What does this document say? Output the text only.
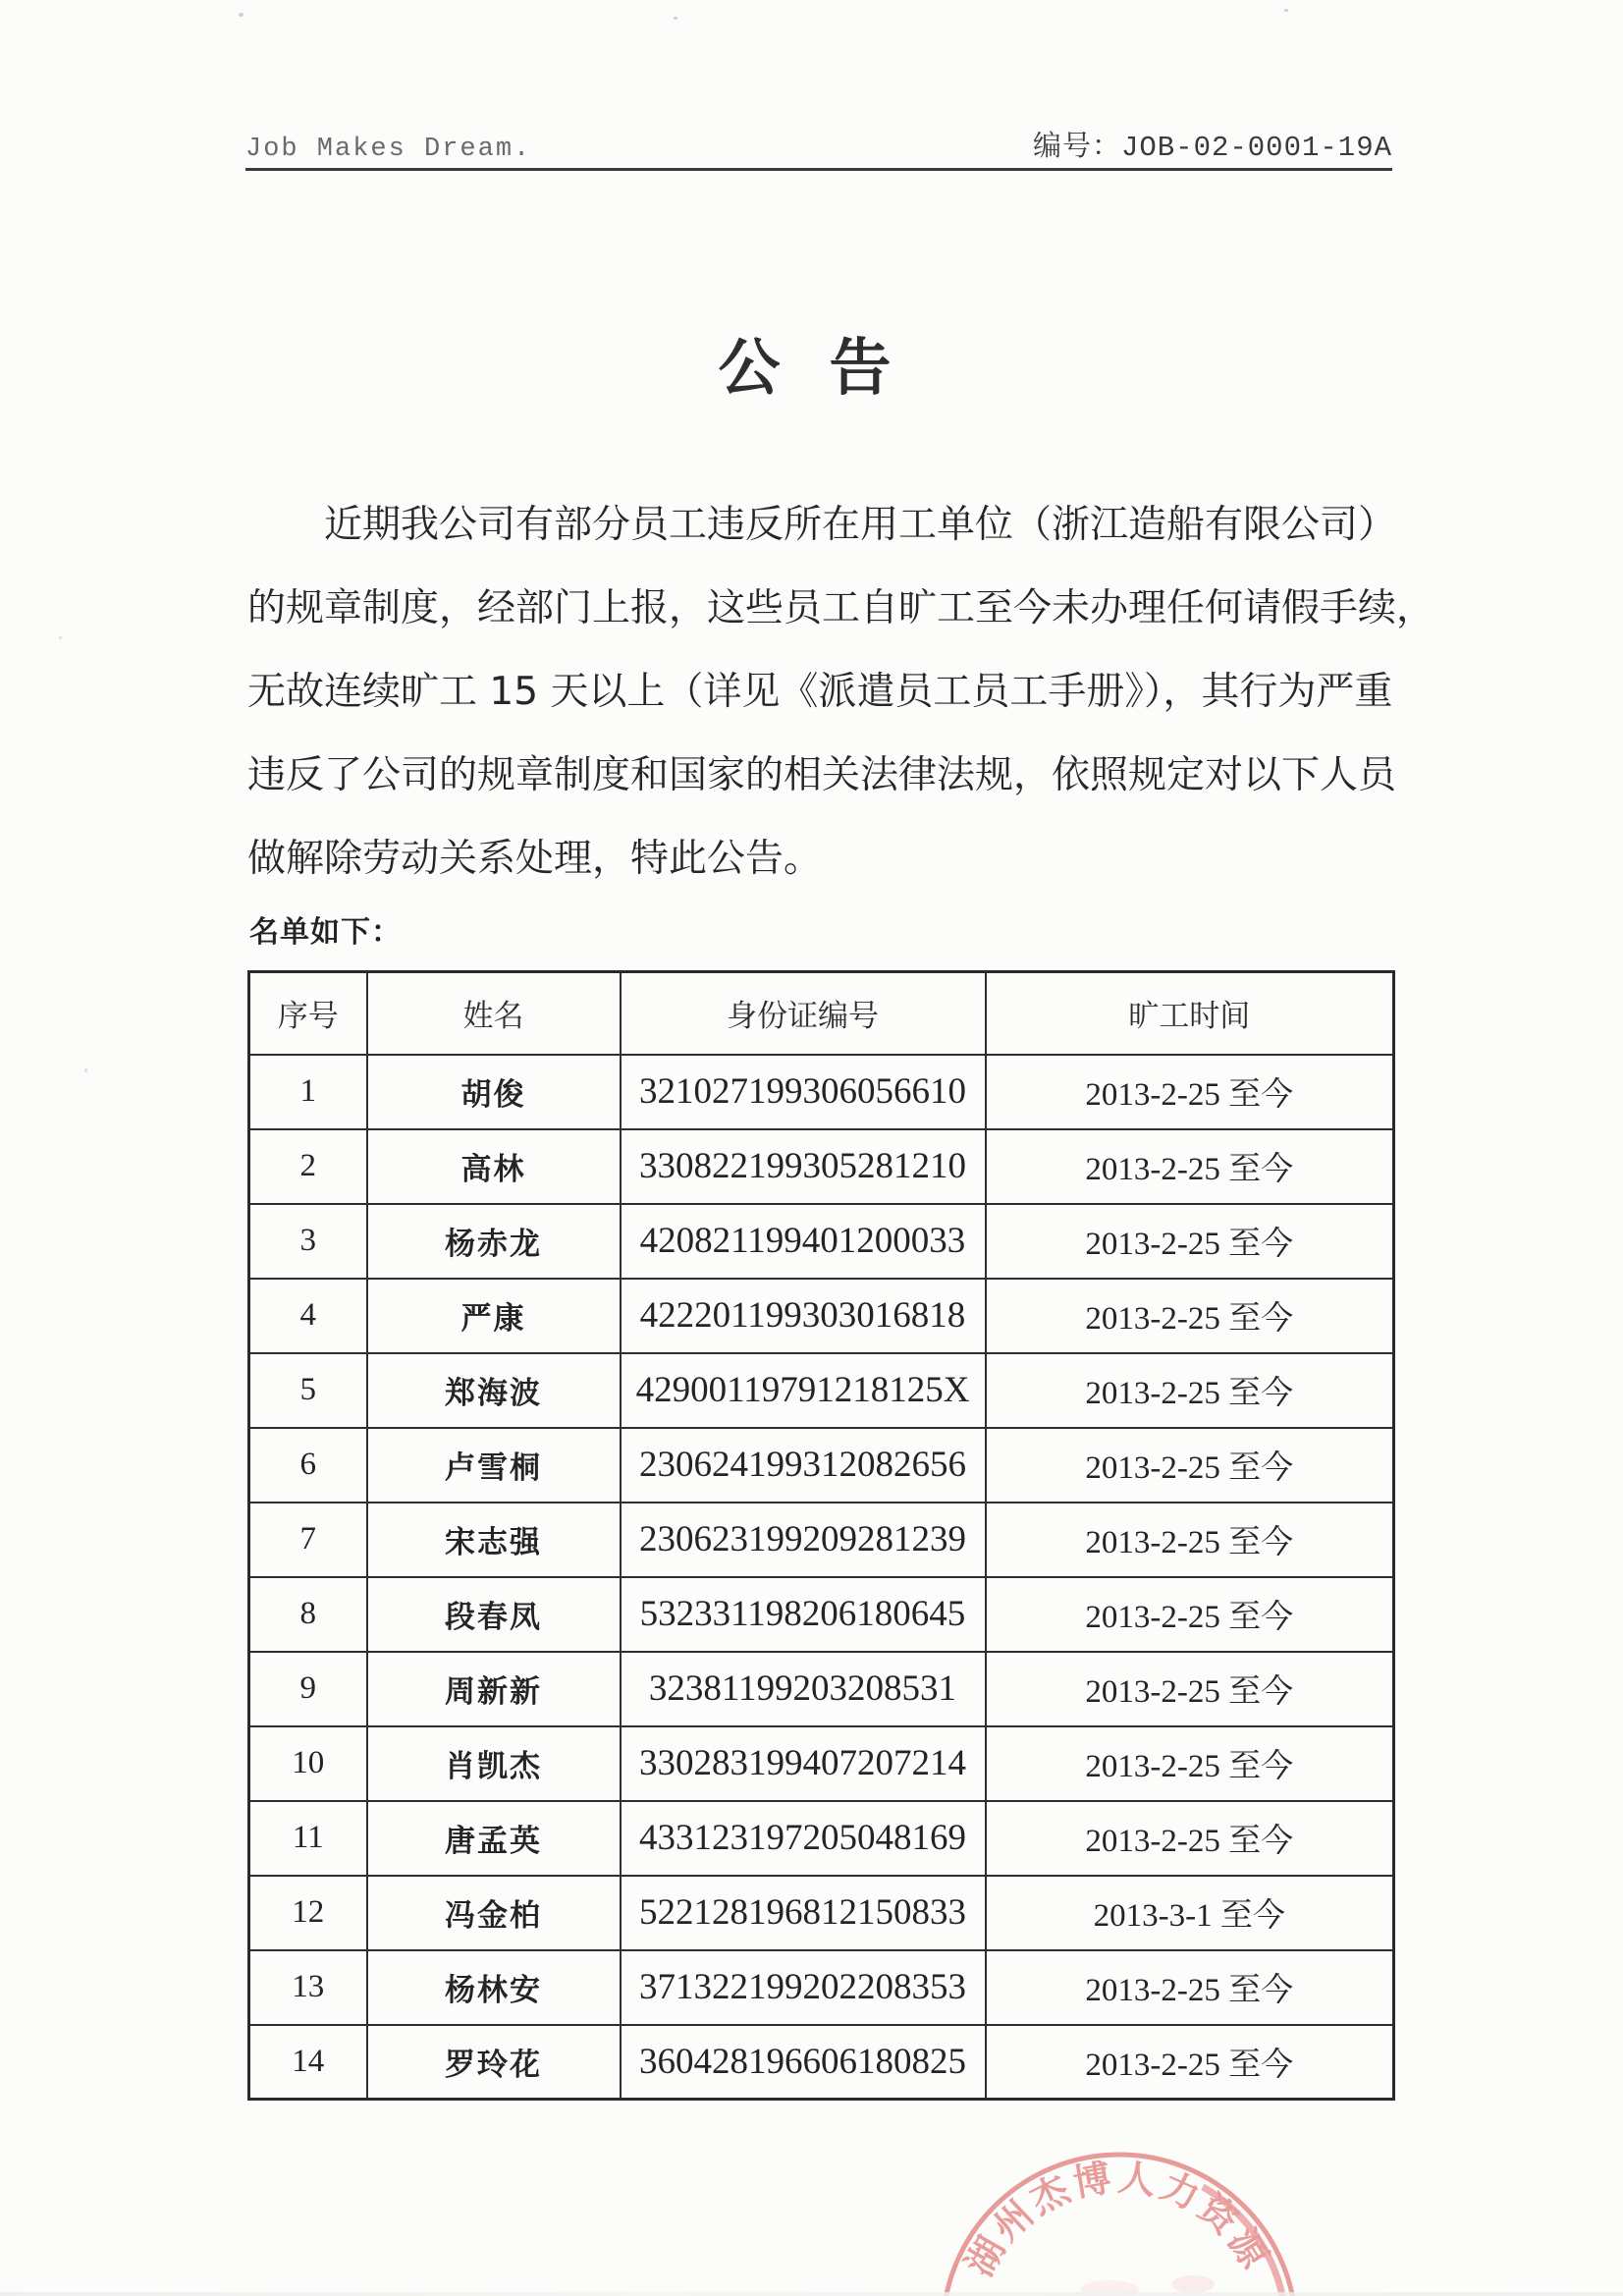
Job Makes Dream.	编号：JOB-02-0001-19A
公 告
近期我公司有部分员工违反所在用工单位（浙江造船有限公司）
的规章制度，经部门上报，这些员工自旷工至今未办理任何请假手续，
无故连续旷工 15 天以上（详见《派遣员工员工手册》），其行为严重
违反了公司的规章制度和国家的相关法律法规，依照规定对以下人员
做解除劳动关系处理，特此公告。
名单如下：
序号	姓名	身份证编号	旷工时间
1	胡俊	321027199306056610	2013-2-25 至今
2	高林	330822199305281210	2013-2-25 至今
3	杨赤龙	420821199401200033	2013-2-25 至今
4	严康	422201199303016818	2013-2-25 至今
5	郑海波	42900119791218125X	2013-2-25 至今
6	卢雪桐	230624199312082656	2013-2-25 至今
7	宋志强	230623199209281239	2013-2-25 至今
8	段春凤	532331198206180645	2013-2-25 至今
9	周新新	32381199203208531	2013-2-25 至今
10	肖凯杰	330283199407207214	2013-2-25 至今
11	唐孟英	433123197205048169	2013-2-25 至今
12	冯金柏	522128196812150833	2013-3-1 至今
13	杨林安	371322199202208353	2013-2-25 至今
14	罗玲花	360428196606180825	2013-2-25 至今
湖州杰博人力资源
